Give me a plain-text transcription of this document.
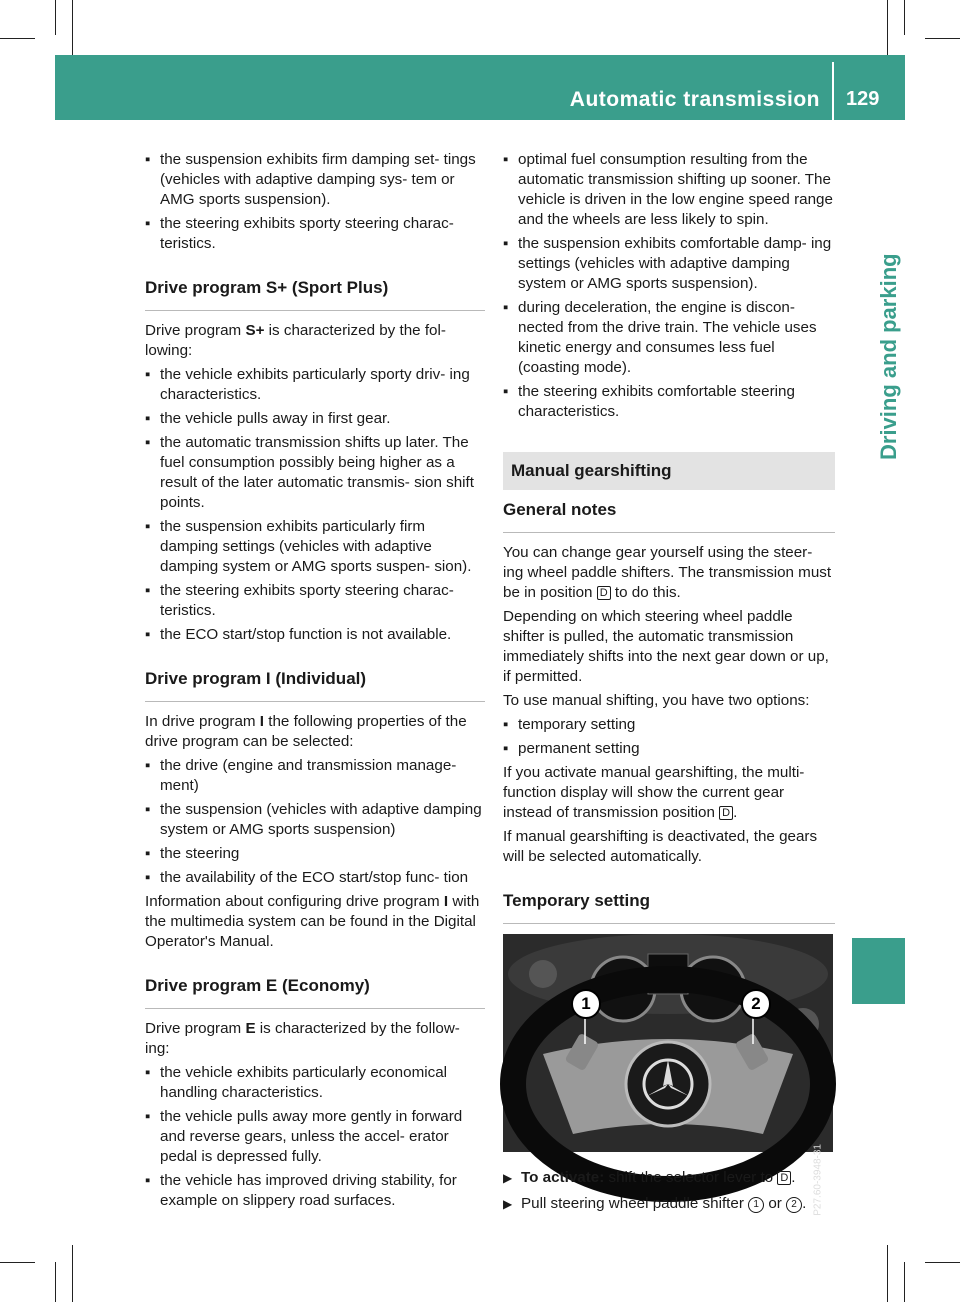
Automatic transmission 129
Driving and parking
▪ the suspension exhibits firm damping set- tings (vehicles with adaptive damping sys- tem or AMG sports suspension).
▪ the steering exhibits sporty steering charac- teristics.
Drive program S+ (Sport Plus)

Drive program S+ is characterized by the fol- lowing:

▪ the vehicle exhibits particularly sporty driv- ing characteristics.
▪ the vehicle pulls away in first gear.
▪ the automatic transmission shifts up later. The fuel consumption possibly being higher as a result of the later automatic transmis- sion shift points.
▪ the suspension exhibits particularly firm damping settings (vehicles with adaptive damping system or AMG sports suspen- sion).
▪ the steering exhibits sporty steering charac- teristics.
▪ the ECO start/stop function is not available.
Drive program I (Individual)

In drive program I the following properties of the drive program can be selected:

▪ the drive (engine and transmission manage- ment)
▪ the suspension (vehicles with adaptive damping system or AMG sports suspension)
▪ the steering
▪ the availability of the ECO start/stop func- tion

Information about configuring drive program I with the multimedia system can be found in the Digital Operator's Manual.

Drive program E (Economy)

Drive program E is characterized by the follow- ing:

▪ the vehicle exhibits particularly economical handling characteristics.
▪ the vehicle pulls away more gently in forward and reverse gears, unless the accel- erator pedal is depressed fully.
▪ the vehicle has improved driving stability, for example on slippery road surfaces.
▪ optimal fuel consumption resulting from the automatic transmission shifting up sooner. The vehicle is driven in the low engine speed range and the wheels are less likely to spin.
▪ the suspension exhibits comfortable damp- ing settings (vehicles with adaptive damping system or AMG sports suspension).
▪ during deceleration, the engine is discon- nected from the drive train. The vehicle uses kinetic energy and consumes less fuel (coasting mode).
▪ the steering exhibits comfortable steering characteristics.
Manual gearshifting
General notes

You can change gear yourself using the steer- ing wheel paddle shifters. The transmission must be in position D to do this.

Depending on which steering wheel paddle shifter is pulled, the automatic transmission immediately shifts into the next gear down or up, if permitted.

To use manual shifting, you have two options:

▪ temporary setting
▪ permanent setting

If you activate manual gearshifting, the multi- function display will show the current gear instead of transmission position D .

If manual gearshifting is deactivated, the gears will be selected automatically.

Temporary setting
1	2
P27.60-3948-31
▶ To activate: shift the selector lever to D .
▶ Pull steering wheel paddle shifter 1 or 2 .
